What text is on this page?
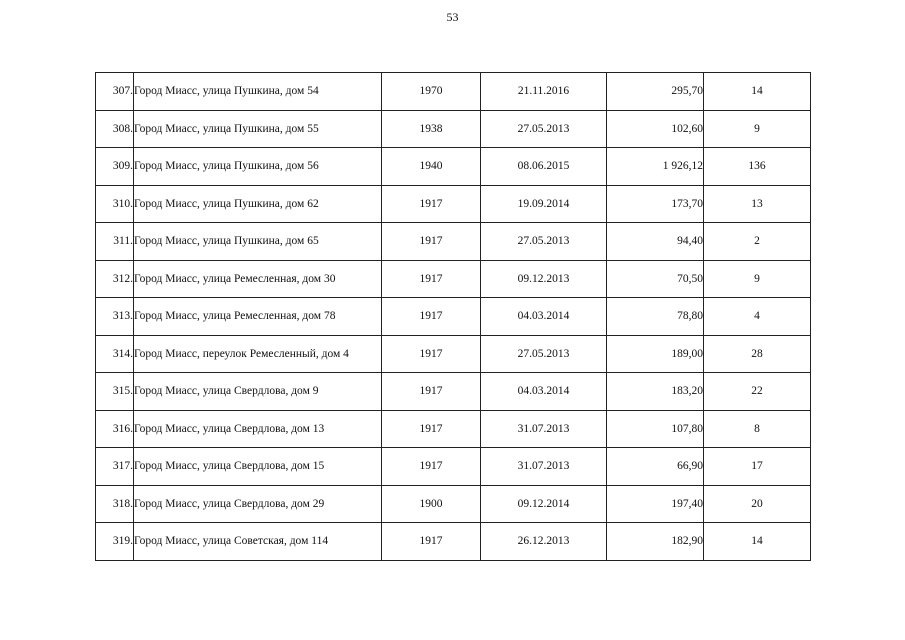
53
307.	Город Миасс, улица Пушкина, дом 54	1970	21.11.2016	295,70	14
308.	Город Миасс, улица Пушкина, дом 55	1938	27.05.2013	102,60	9
309.	Город Миасс, улица Пушкина, дом 56	1940	08.06.2015	1 926,12	136
310.	Город Миасс, улица Пушкина, дом 62	1917	19.09.2014	173,70	13
311.	Город Миасс, улица Пушкина, дом 65	1917	27.05.2013	94,40	2
312.	Город Миасс, улица Ремесленная, дом 30	1917	09.12.2013	70,50	9
313.	Город Миасс, улица Ремесленная, дом 78	1917	04.03.2014	78,80	4
314.	Город Миасс, переулок Ремесленный, дом 4	1917	27.05.2013	189,00	28
315.	Город Миасс, улица Свердлова, дом 9	1917	04.03.2014	183,20	22
316.	Город Миасс, улица Свердлова, дом 13	1917	31.07.2013	107,80	8
317.	Город Миасс, улица Свердлова, дом 15	1917	31.07.2013	66,90	17
318.	Город Миасс, улица Свердлова, дом 29	1900	09.12.2014	197,40	20
319.	Город Миасс, улица Советская, дом 114	1917	26.12.2013	182,90	14
